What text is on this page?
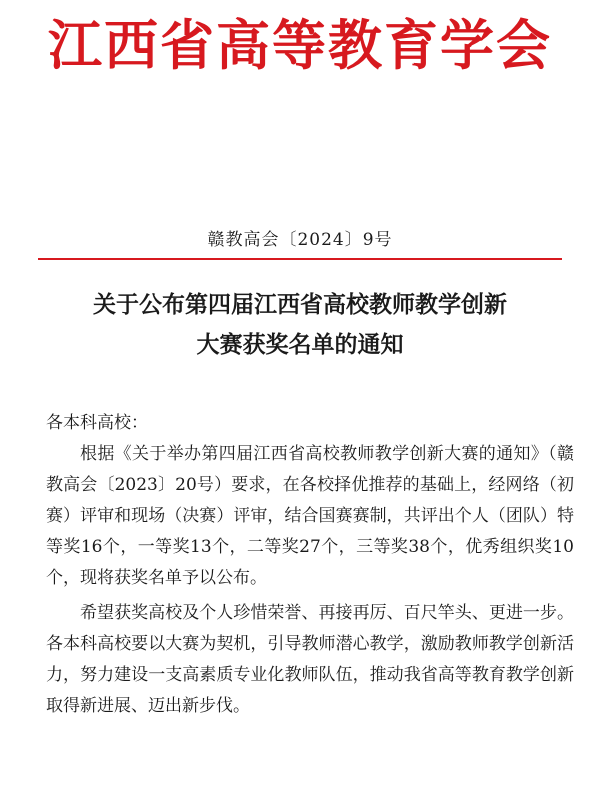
江西省高等教育学会
赣教高会〔2024〕9号
关于公布第四届江西省高校教师教学创新
大赛获奖名单的通知

各本科高校：

根据《关于举办第四届江西省高校教师教学创新大赛的通知》（赣教高会〔2023〕20号）要求，在各校择优推荐的基础上，经网络（初赛）评审和现场（决赛）评审，结合国赛赛制，共评出个人（团队）特等奖16个，一等奖13个，二等奖27个，三等奖38个，优秀组织奖10个，现将获奖名单予以公布。

希望获奖高校及个人珍惜荣誉、再接再厉、百尺竿头、更进一步。各本科高校要以大赛为契机，引导教师潜心教学，激励教师教学创新活力，努力建设一支高素质专业化教师队伍，推动我省高等教育教学创新取得新进展、迈出新步伐。
